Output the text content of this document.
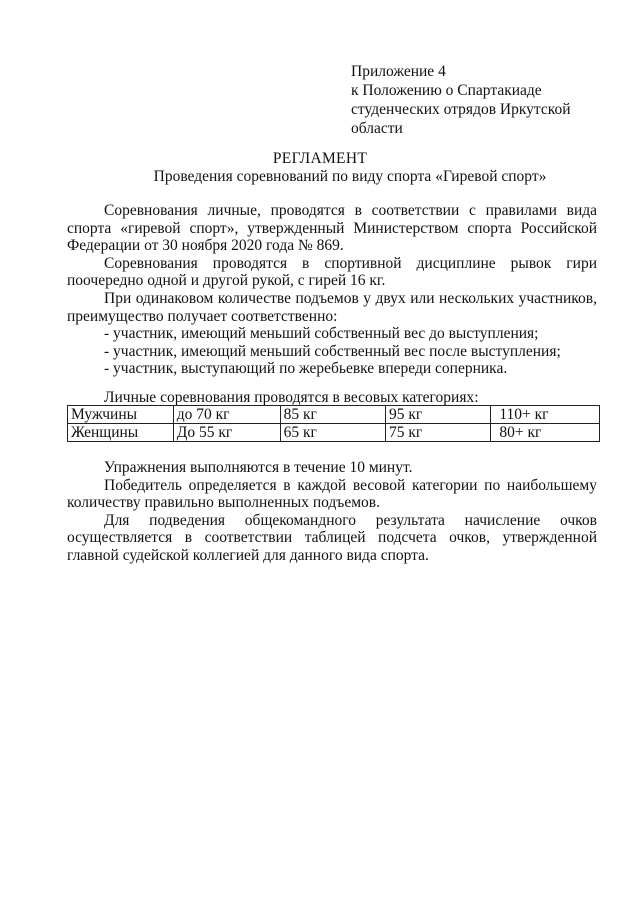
Приложение 4
к Положению о Спартакиаде
студенческих отрядов Иркутской
области
РЕГЛАМЕНТ
Проведения соревнований по виду спорта «Гиревой спорт»

Соревнования личные, проводятся в соответствии с правилами вида спорта «гиревой спорт», утвержденный Министерством спорта Российской Федерации от 30 ноября 2020 года № 869.

Соревнования проводятся в спортивной дисциплине рывок гири поочередно одной и другой рукой, с гирей 16 кг.

При одинаковом количестве подъемов у двух или нескольких участников, преимущество получает соответственно:

- участник, имеющий меньший собственный вес до выступления;

- участник, имеющий меньший собственный вес после выступления;

- участник, выступающий по жеребьевке впереди соперника.

Личные соревнования проводятся в весовых категориях:
Мужчины	до 70 кг	85 кг	95 кг	110+ кг
Женщины	До 55 кг	65 кг	75 кг	80+ кг

Упражнения выполняются в течение 10 минут.

Победитель определяется в каждой весовой категории по наибольшему количеству правильно выполненных подъемов.

Для подведения общекомандного результата начисление очков

осуществляется в соответствии таблицей подсчета очков, утвержденной главной судейской коллегией для данного вида спорта.
